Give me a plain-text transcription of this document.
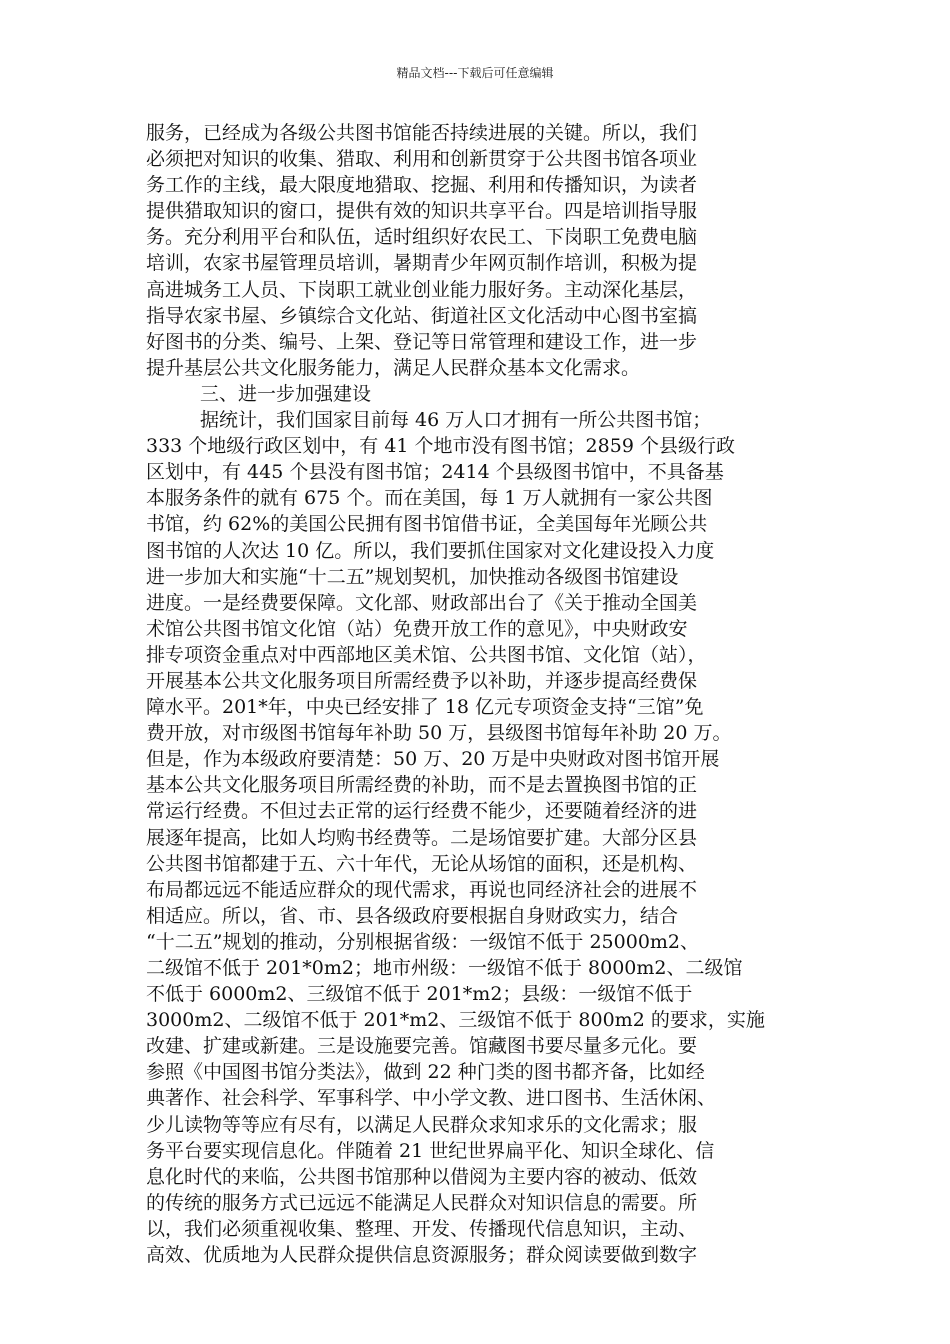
精品文档---下载后可任意编辑
服务，已经成为各级公共图书馆能否持续进展的关键。所以，我们
必须把对知识的收集、猎取、利用和创新贯穿于公共图书馆各项业
务工作的主线，最大限度地猎取、挖掘、利用和传播知识，为读者
提供猎取知识的窗口，提供有效的知识共享平台。四是培训指导服
务。充分利用平台和队伍，适时组织好农民工、下岗职工免费电脑
培训，农家书屋管理员培训，暑期青少年网页制作培训，积极为提
高进城务工人员、下岗职工就业创业能力服好务。主动深化基层，
指导农家书屋、乡镇综合文化站、街道社区文化活动中心图书室搞
好图书的分类、编号、上架、登记等日常管理和建设工作，进一步
提升基层公共文化服务能力，满足人民群众基本文化需求。
三、进一步加强建设
据统计，我们国家目前每 46 万人口才拥有一所公共图书馆；
333 个地级行政区划中，有 41 个地市没有图书馆；2859 个县级行政
区划中，有 445 个县没有图书馆；2414 个县级图书馆中，不具备基
本服务条件的就有 675 个。而在美国，每 1 万人就拥有一家公共图
书馆，约 62%的美国公民拥有图书馆借书证，全美国每年光顾公共
图书馆的人次达 10 亿。所以，我们要抓住国家对文化建设投入力度
进一步加大和实施“十二五”规划契机，加快推动各级图书馆建设
进度。一是经费要保障。文化部、财政部出台了《关于推动全国美
术馆公共图书馆文化馆（站）免费开放工作的意见》，中央财政安
排专项资金重点对中西部地区美术馆、公共图书馆、文化馆（站），
开展基本公共文化服务项目所需经费予以补助，并逐步提高经费保
障水平。201*年，中央已经安排了 18 亿元专项资金支持“三馆”免
费开放，对市级图书馆每年补助 50 万，县级图书馆每年补助 20 万。
但是，作为本级政府要清楚：50 万、20 万是中央财政对图书馆开展
基本公共文化服务项目所需经费的补助，而不是去置换图书馆的正
常运行经费。不但过去正常的运行经费不能少，还要随着经济的进
展逐年提高，比如人均购书经费等。二是场馆要扩建。大部分区县
公共图书馆都建于五、六十年代，无论从场馆的面积，还是机构、
布局都远远不能适应群众的现代需求，再说也同经济社会的进展不
相适应。所以，省、市、县各级政府要根据自身财政实力，结合
“十二五”规划的推动，分别根据省级：一级馆不低于 25000m2、
二级馆不低于 201*0m2；地市州级：一级馆不低于 8000m2、二级馆
不低于 6000m2、三级馆不低于 201*m2；县级：一级馆不低于
3000m2、二级馆不低于 201*m2、三级馆不低于 800m2 的要求，实施
改建、扩建或新建。三是设施要完善。馆藏图书要尽量多元化。要
参照《中国图书馆分类法》，做到 22 种门类的图书都齐备，比如经
典著作、社会科学、军事科学、中小学文教、进口图书、生活休闲、
少儿读物等等应有尽有，以满足人民群众求知求乐的文化需求；服
务平台要实现信息化。伴随着 21 世纪世界扁平化、知识全球化、信
息化时代的来临，公共图书馆那种以借阅为主要内容的被动、低效
的传统的服务方式已远远不能满足人民群众对知识信息的需要。所
以，我们必须重视收集、整理、开发、传播现代信息知识，主动、
高效、优质地为人民群众提供信息资源服务；群众阅读要做到数字
